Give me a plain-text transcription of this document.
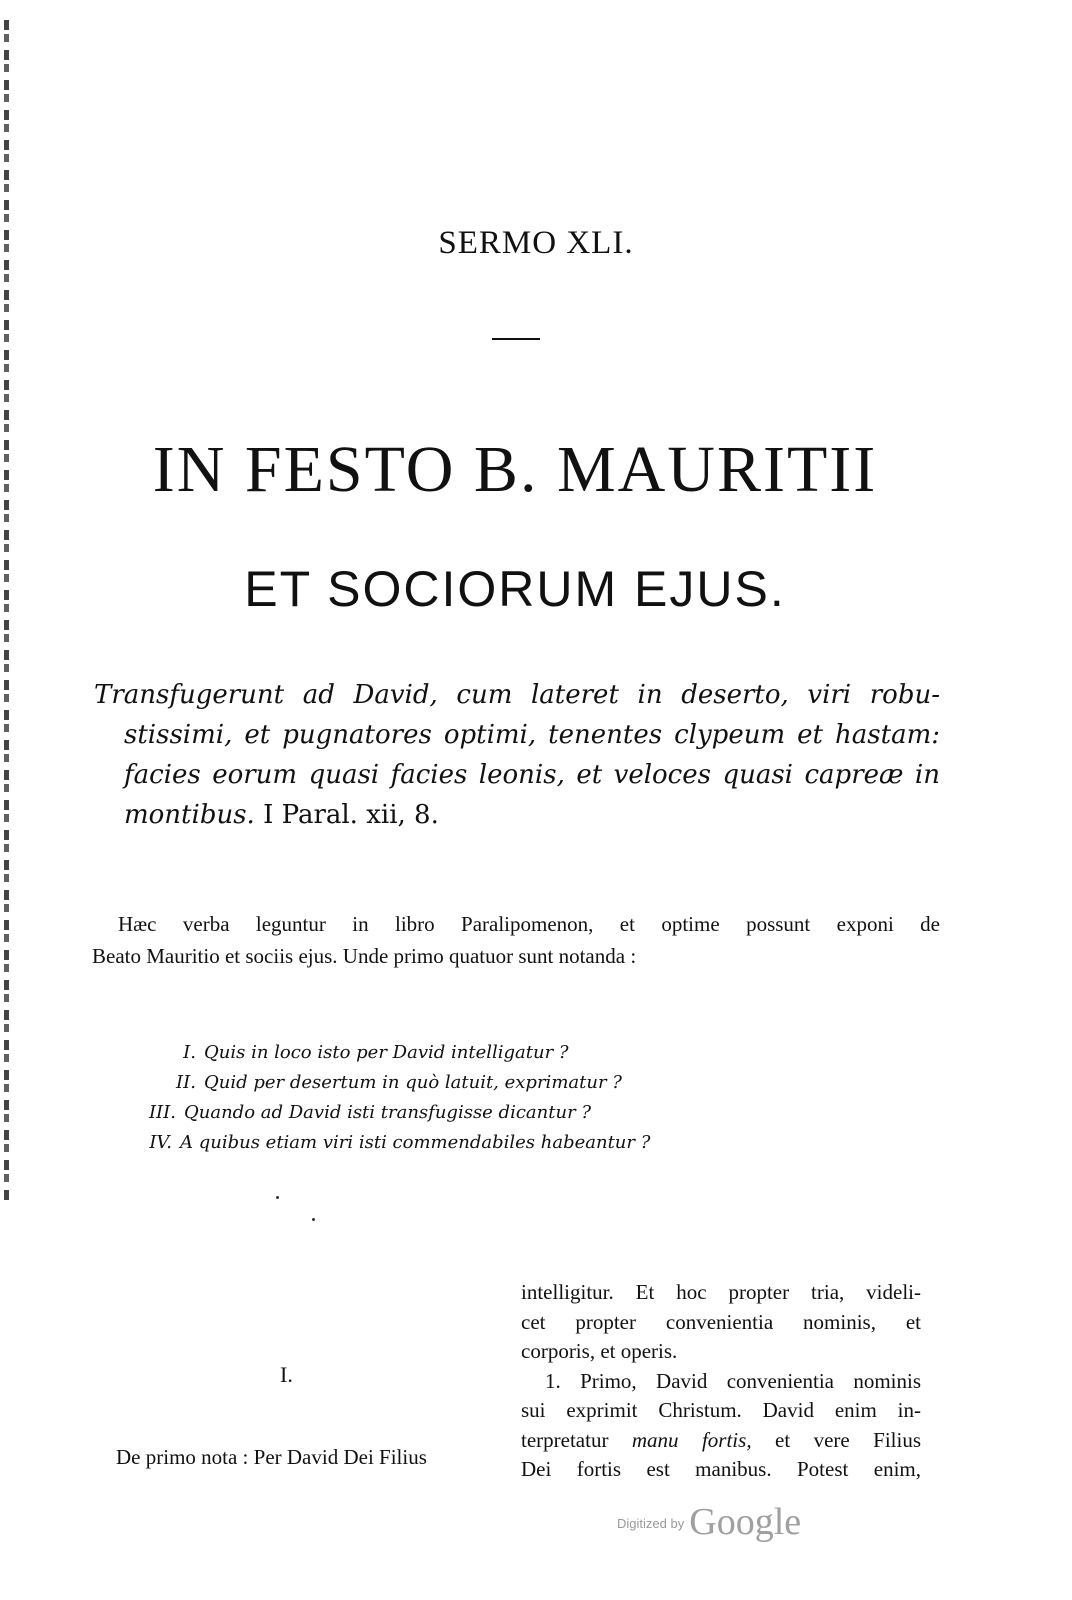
SERMO XLI.
IN FESTO B. MAURITII
ET SOCIORUM EJUS.
Transfugerunt ad David, cum lateret in deserto, viri robu-
stissimi, et pugnatores optimi, tenentes clypeum et hastam:
facies eorum quasi facies leonis, et veloces quasi capreæ in
montibus. I Paral. xii, 8.
Hæc verba leguntur in libro Paralipomenon, et optime possunt exponi de
Beato Mauritio et sociis ejus. Unde primo quatuor sunt notanda :
I. Quis in loco isto per David intelligatur ?
II. Quid per desertum in quò latuit, exprimatur ?
III. Quando ad David isti transfugisse dicantur ?
IV. A quibus etiam viri isti commendabiles habeantur ?
I.
De primo nota : Per David Dei Filius
intelligitur. Et hoc propter tria, videli-
cet propter convenientia nominis, et
corporis, et operis.
1. Primo, David convenientia nominis
sui exprimit Christum. David enim in-
terpretatur manu fortis, et vere Filius
Dei fortis est manibus. Potest enim,
$^{Digitized by}$ Google
